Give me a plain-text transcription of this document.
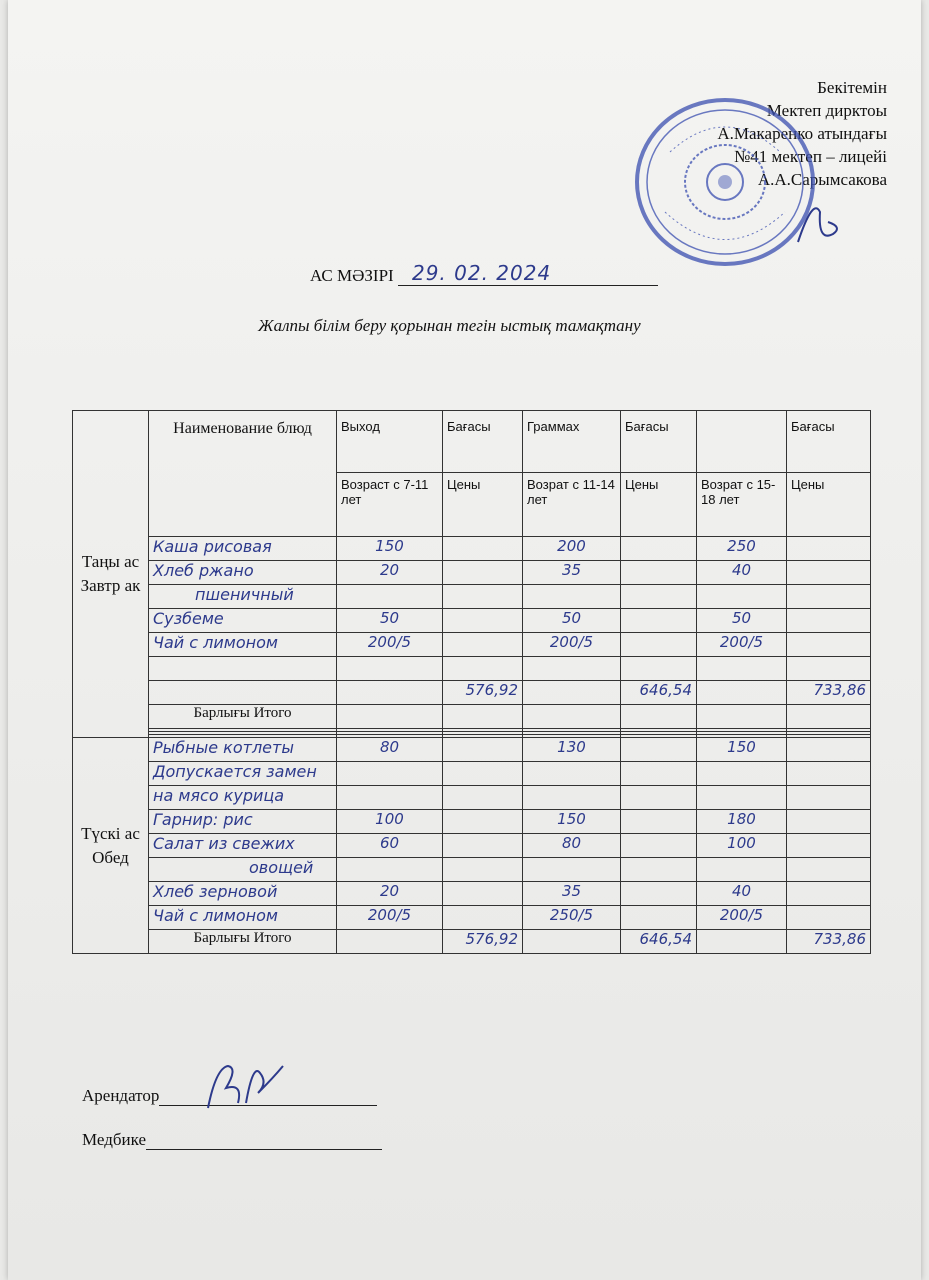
Бекітемін
Мектеп дирктоы
А.Макаренко атындағы
№41 мектеп – лицейі
А.А.Сарымсакова
АС МӘЗІРІ 29. 02. 2024
Жалпы білім беру қорынан тегін ыстық тамақтану
Таңы ас Завтр ак	Наименование блюд	Выход	Бағасы	Граммах	Бағасы		Бағасы
		Возраст с 7-11 лет	Цены	Возрат с 11-14 лет	Цены	Возрат с 15-18 лет	Цены
	Каша рисовая	150		200		250	
	Хлеб ржано	20		35		40	
	пшеничный						
	Сузбеме	50		50		50	
	Чай с лимоном	200/5		200/5		200/5	

			576,92		646,54		733,86
	Барлығы Итого						

Түскі ас Обед	Рыбные котлеты	80		130		150	
	Допускается замен						
	на мясо курица						
	Гарнир: рис	100		150		180	
	Салат из свежих	60		80		100	
	овощей						
	Хлеб зерновой	20		35		40	
	Чай с лимоном	200/5		250/5		200/5	
	Барлығы Итого		576,92		646,54		733,86
Арендатор
Медбике
